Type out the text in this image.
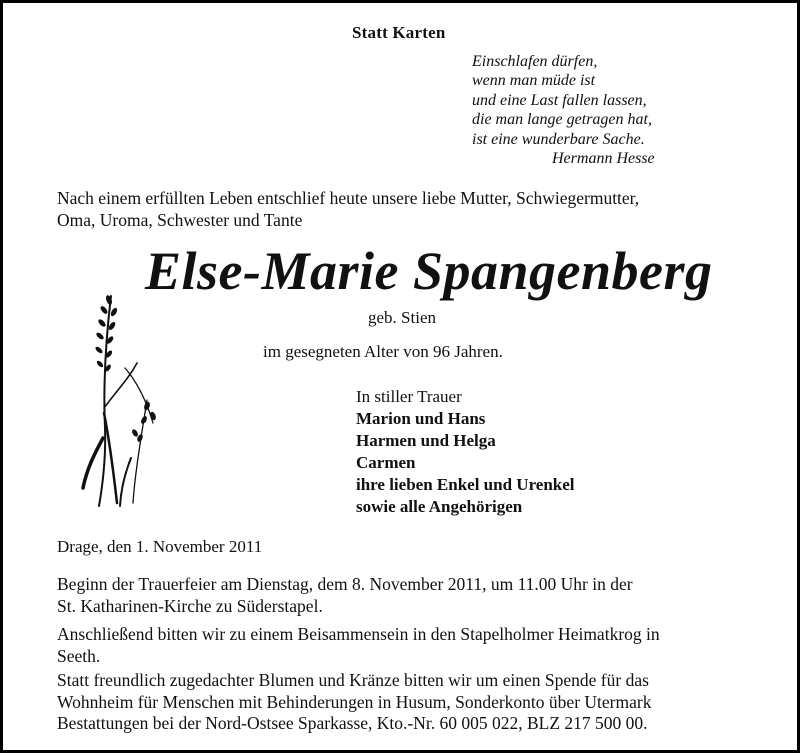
Statt Karten
Einschlafen dürfen,
wenn man müde ist
und eine Last fallen lassen,
die man lange getragen hat,
ist eine wunderbare Sache.
Hermann Hesse
Nach einem erfüllten Leben entschlief heute unsere liebe Mutter, Schwiegermutter,
Oma, Uroma, Schwester und Tante
Else-Marie Spangenberg
geb. Stien
im gesegneten Alter von 96 Jahren.
In stiller Trauer
Marion und Hans
Harmen und Helga
Carmen
ihre lieben Enkel und Urenkel
sowie alle Angehörigen
Drage, den 1. November 2011
Beginn der Trauerfeier am Dienstag, dem 8. November 2011, um 11.00 Uhr in der
St. Katharinen-Kirche zu Süderstapel.
Anschließend bitten wir zu einem Beisammensein in den Stapelholmer Heimatkrog in
Seeth.
Statt freundlich zugedachter Blumen und Kränze bitten wir um einen Spende für das
Wohnheim für Menschen mit Behinderungen in Husum, Sonderkonto über Utermark
Bestattungen bei der Nord-Ostsee Sparkasse, Kto.-Nr. 60 005 022, BLZ 217 500 00.
